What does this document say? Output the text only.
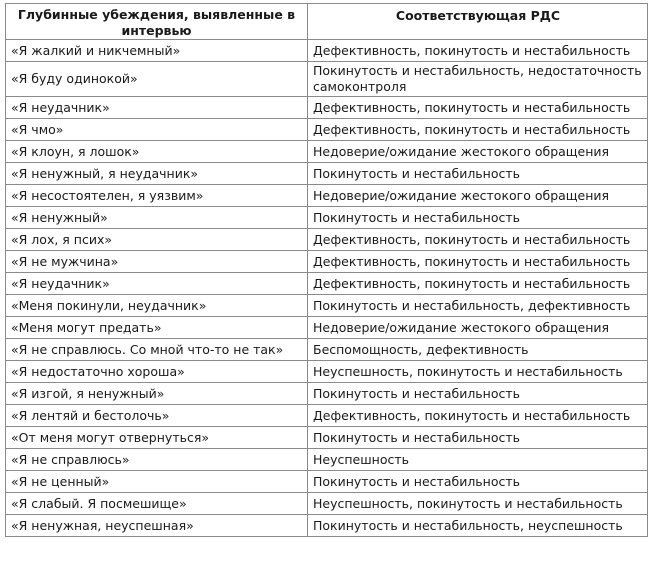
Глубинные убеждения, выявленные в интервью	Соответствующая РДС
«Я жалкий и никчемный»	Дефективность, покинутость и нестабильность
«Я буду одинокой»	Покинутость и нестабильность, недостаточность самоконтроля
«Я неудачник»	Дефективность, покинутость и нестабильность
«Я чмо»	Дефективность, покинутость и нестабильность
«Я клоун, я лошок»	Недоверие/ожидание жестокого обращения
«Я ненужный, я неудачник»	Покинутость и нестабильность
«Я несостоятелен, я уязвим»	Недоверие/ожидание жестокого обращения
«Я ненужный»	Покинутость и нестабильность
«Я лох, я псих»	Дефективность, покинутость и нестабильность
«Я не мужчина»	Дефективность, покинутость и нестабильность
«Я неудачник»	Дефективность, покинутость и нестабильность
«Меня покинули, неудачник»	Покинутость и нестабильность, дефективность
«Меня могут предать»	Недоверие/ожидание жестокого обращения
«Я не справлюсь. Со мной что-то не так»	Беспомощность, дефективность
«Я недостаточно хороша»	Неуспешность, покинутость и нестабильность
«Я изгой, я ненужный»	Покинутость и нестабильность
«Я лентяй и бестолочь»	Дефективность, покинутость и нестабильность
«От меня могут отвернуться»	Покинутость и нестабильность
«Я не справлюсь»	Неуспешность
«Я не ценный»	Покинутость и нестабильность
«Я слабый. Я посмешище»	Неуспешность, покинутость и нестабильность
«Я ненужная, неуспешная»	Покинутость и нестабильность, неуспешность
